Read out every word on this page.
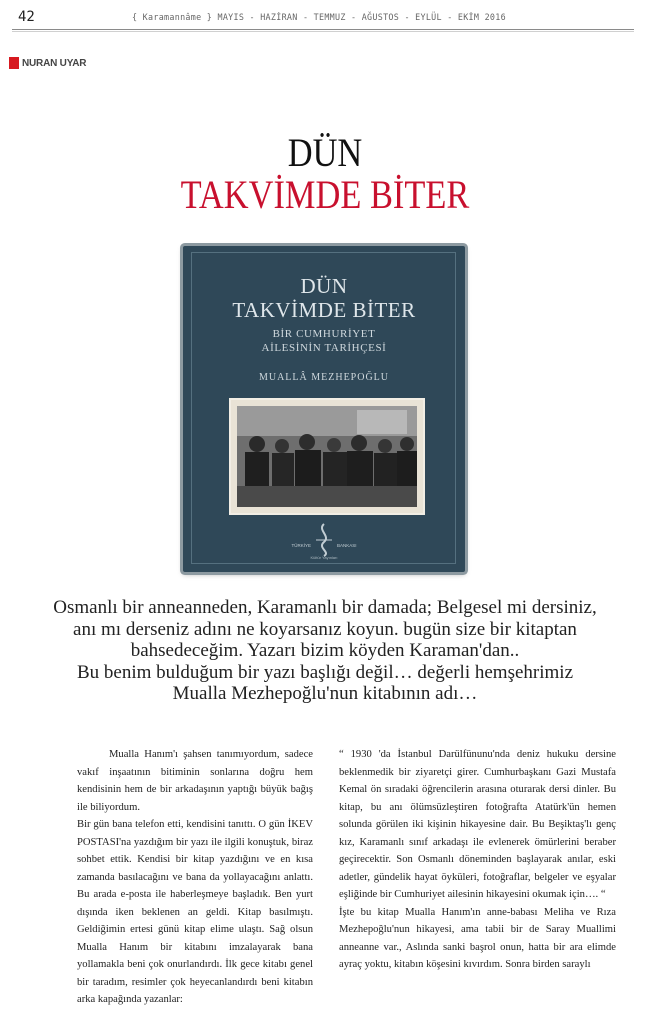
42	{ Karamannâme } MAYIS - HAZİRAN - TEMMUZ - AĞUSTOS - EYLÜL - EKİM 2016
NURAN UYAR
DÜN
TAKVİMDE BİTER
DÜN
TAKVİMDE BİTER
BİR CUMHURİYET
AİLESİNİN TARİHÇESİ
MUALLÂ MEZHEPOĞLU
TÜRKİYE	BANKASI
Kültür Yayınları
Osmanlı bir anneanneden, Karamanlı bir damada; Belgesel mi dersiniz,
anı mı derseniz adını ne koyarsanız koyun. bugün size bir kitaptan
bahsedeceğim. Yazarı bizim köyden Karaman'dan..
Bu benim bulduğum bir yazı başlığı değil… değerli hemşehrimiz
Mualla Mezhepoğlu'nun kitabının adı…

Mualla Hanım'ı şahsen tanımıyordum, sadece vakıf inşaatının bitiminin sonlarına doğru hem kendisinin hem de bir arkadaşının yaptığı büyük bağış ile biliyordum.

Bir gün bana telefon etti, kendisini tanıttı. O gün İKEV POSTASI'na yazdığım bir yazı ile ilgili konuştuk, biraz sohbet ettik. Kendisi bir kitap yazdığını ve en kısa zamanda basılacağını ve bana da yollayacağını anlattı. Bu arada e-posta ile haberleşmeye başladık. Ben yurt dışında iken beklenen an geldi. Kitap basılmıştı. Geldiğimin ertesi günü kitap elime ulaştı. Sağ olsun Mualla Hanım bir kitabını imzalayarak bana yollamakla beni çok onurlandırdı. İlk gece kitabı genel bir taradım, resimler çok heyecanlandırdı beni kitabın arka kapağında yazanlar:

“ 1930 'da İstanbul Darülfünunu'nda deniz hukuku dersine beklenmedik bir ziyaretçi girer. Cumhurbaşkanı Gazi Mustafa Kemal ön sıradaki öğrencilerin arasına oturarak dersi dinler. Bu kitap, bu anı ölümsüzleştiren fotoğrafta Atatürk'ün hemen solunda görülen iki kişinin hikayesine dair. Bu Beşiktaş'lı genç kız, Karamanlı sınıf arkadaşı ile evlenerek ömürlerini beraber geçirecektir. Son Osmanlı döneminden başlayarak anılar, eski adetler, gündelik hayat öyküleri, fotoğraflar, belgeler ve eşyalar eşliğinde bir Cumhuriyet ailesinin hikayesini okumak için…. “

İşte bu kitap Mualla Hanım'ın anne-babası Meliha ve Rıza Mezhepoğlu'nun hikayesi, ama tabii bir de Saray Muallimi anneanne var., Aslında sanki başrol onun, hatta bir ara elimde ayraç yoktu, kitabın köşesini kıvırdım. Sonra birden saraylı
